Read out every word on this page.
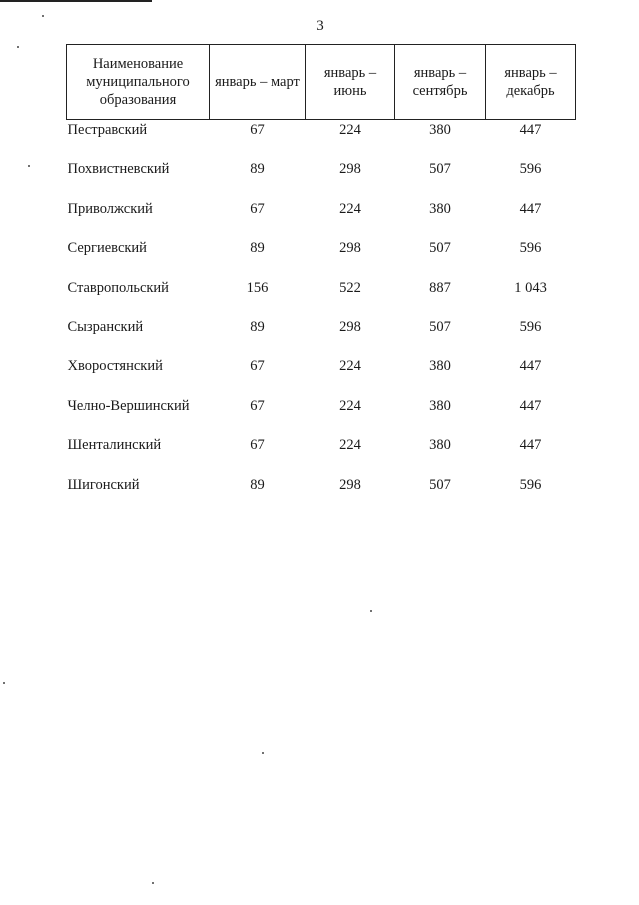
3
Наименование муниципального образования	январь – март	январь – июнь	январь – сентябрь	январь – декабрь
Пестравский	67	224	380	447
Похвистневский	89	298	507	596
Приволжский	67	224	380	447
Сергиевский	89	298	507	596
Ставропольский	156	522	887	1 043
Сызранский	89	298	507	596
Хворостянский	67	224	380	447
Челно-Вершинский	67	224	380	447
Шенталинский	67	224	380	447
Шигонский	89	298	507	596
